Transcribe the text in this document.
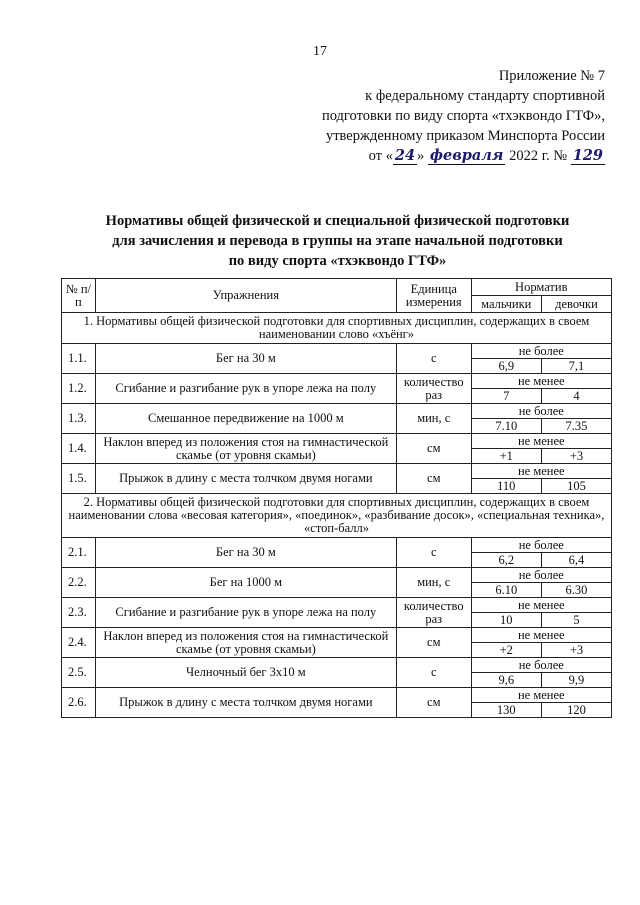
17
Приложение № 7
к федеральному стандарту спортивной
подготовки по виду спорта «тхэквондо ГТФ»,
утвержденному приказом Минспорта России
от « 24 » февраля 2022 г. № 129
Нормативы общей физической и специальной физической подготовки
для зачисления и перевода в группы на этапе начальной подготовки
по виду спорта «тхэквондо ГТФ»
№ п/п	Упражнения	Единица измерения	Норматив	
			мальчики	девочки
1. Нормативы общей физической подготовки для спортивных дисциплин, содержащих в своем наименовании слово «хъёнг»				
1.1.	Бег на 30 м	с	не более	
			6,9	7,1
1.2.	Сгибание и разгибание рук в упоре лежа на полу	количество раз	не менее	
			7	4
1.3.	Смешанное передвижение на 1000 м	мин, с	не более	
			7.10	7.35
1.4.	Наклон вперед из положения стоя на гимнастической скамье (от уровня скамьи)	см	не менее	
			+1	+3
1.5.	Прыжок в длину с места толчком двумя ногами	см	не менее	
			110	105
2. Нормативы общей физической подготовки для спортивных дисциплин, содержащих в своем наименовании слова «весовая категория», «поединок», «разбивание досок», «специальная техника», «стоп-балл»				
2.1.	Бег на 30 м	с	не более	
			6,2	6,4
2.2.	Бег на 1000 м	мин, с	не более	
			6.10	6.30
2.3.	Сгибание и разгибание рук в упоре лежа на полу	количество раз	не менее	
			10	5
2.4.	Наклон вперед из положения стоя на гимнастической скамье (от уровня скамьи)	см	не менее	
			+2	+3
2.5.	Челночный бег 3х10 м	с	не более	
			9,6	9,9
2.6.	Прыжок в длину с места толчком двумя ногами	см	не менее	
			130	120
